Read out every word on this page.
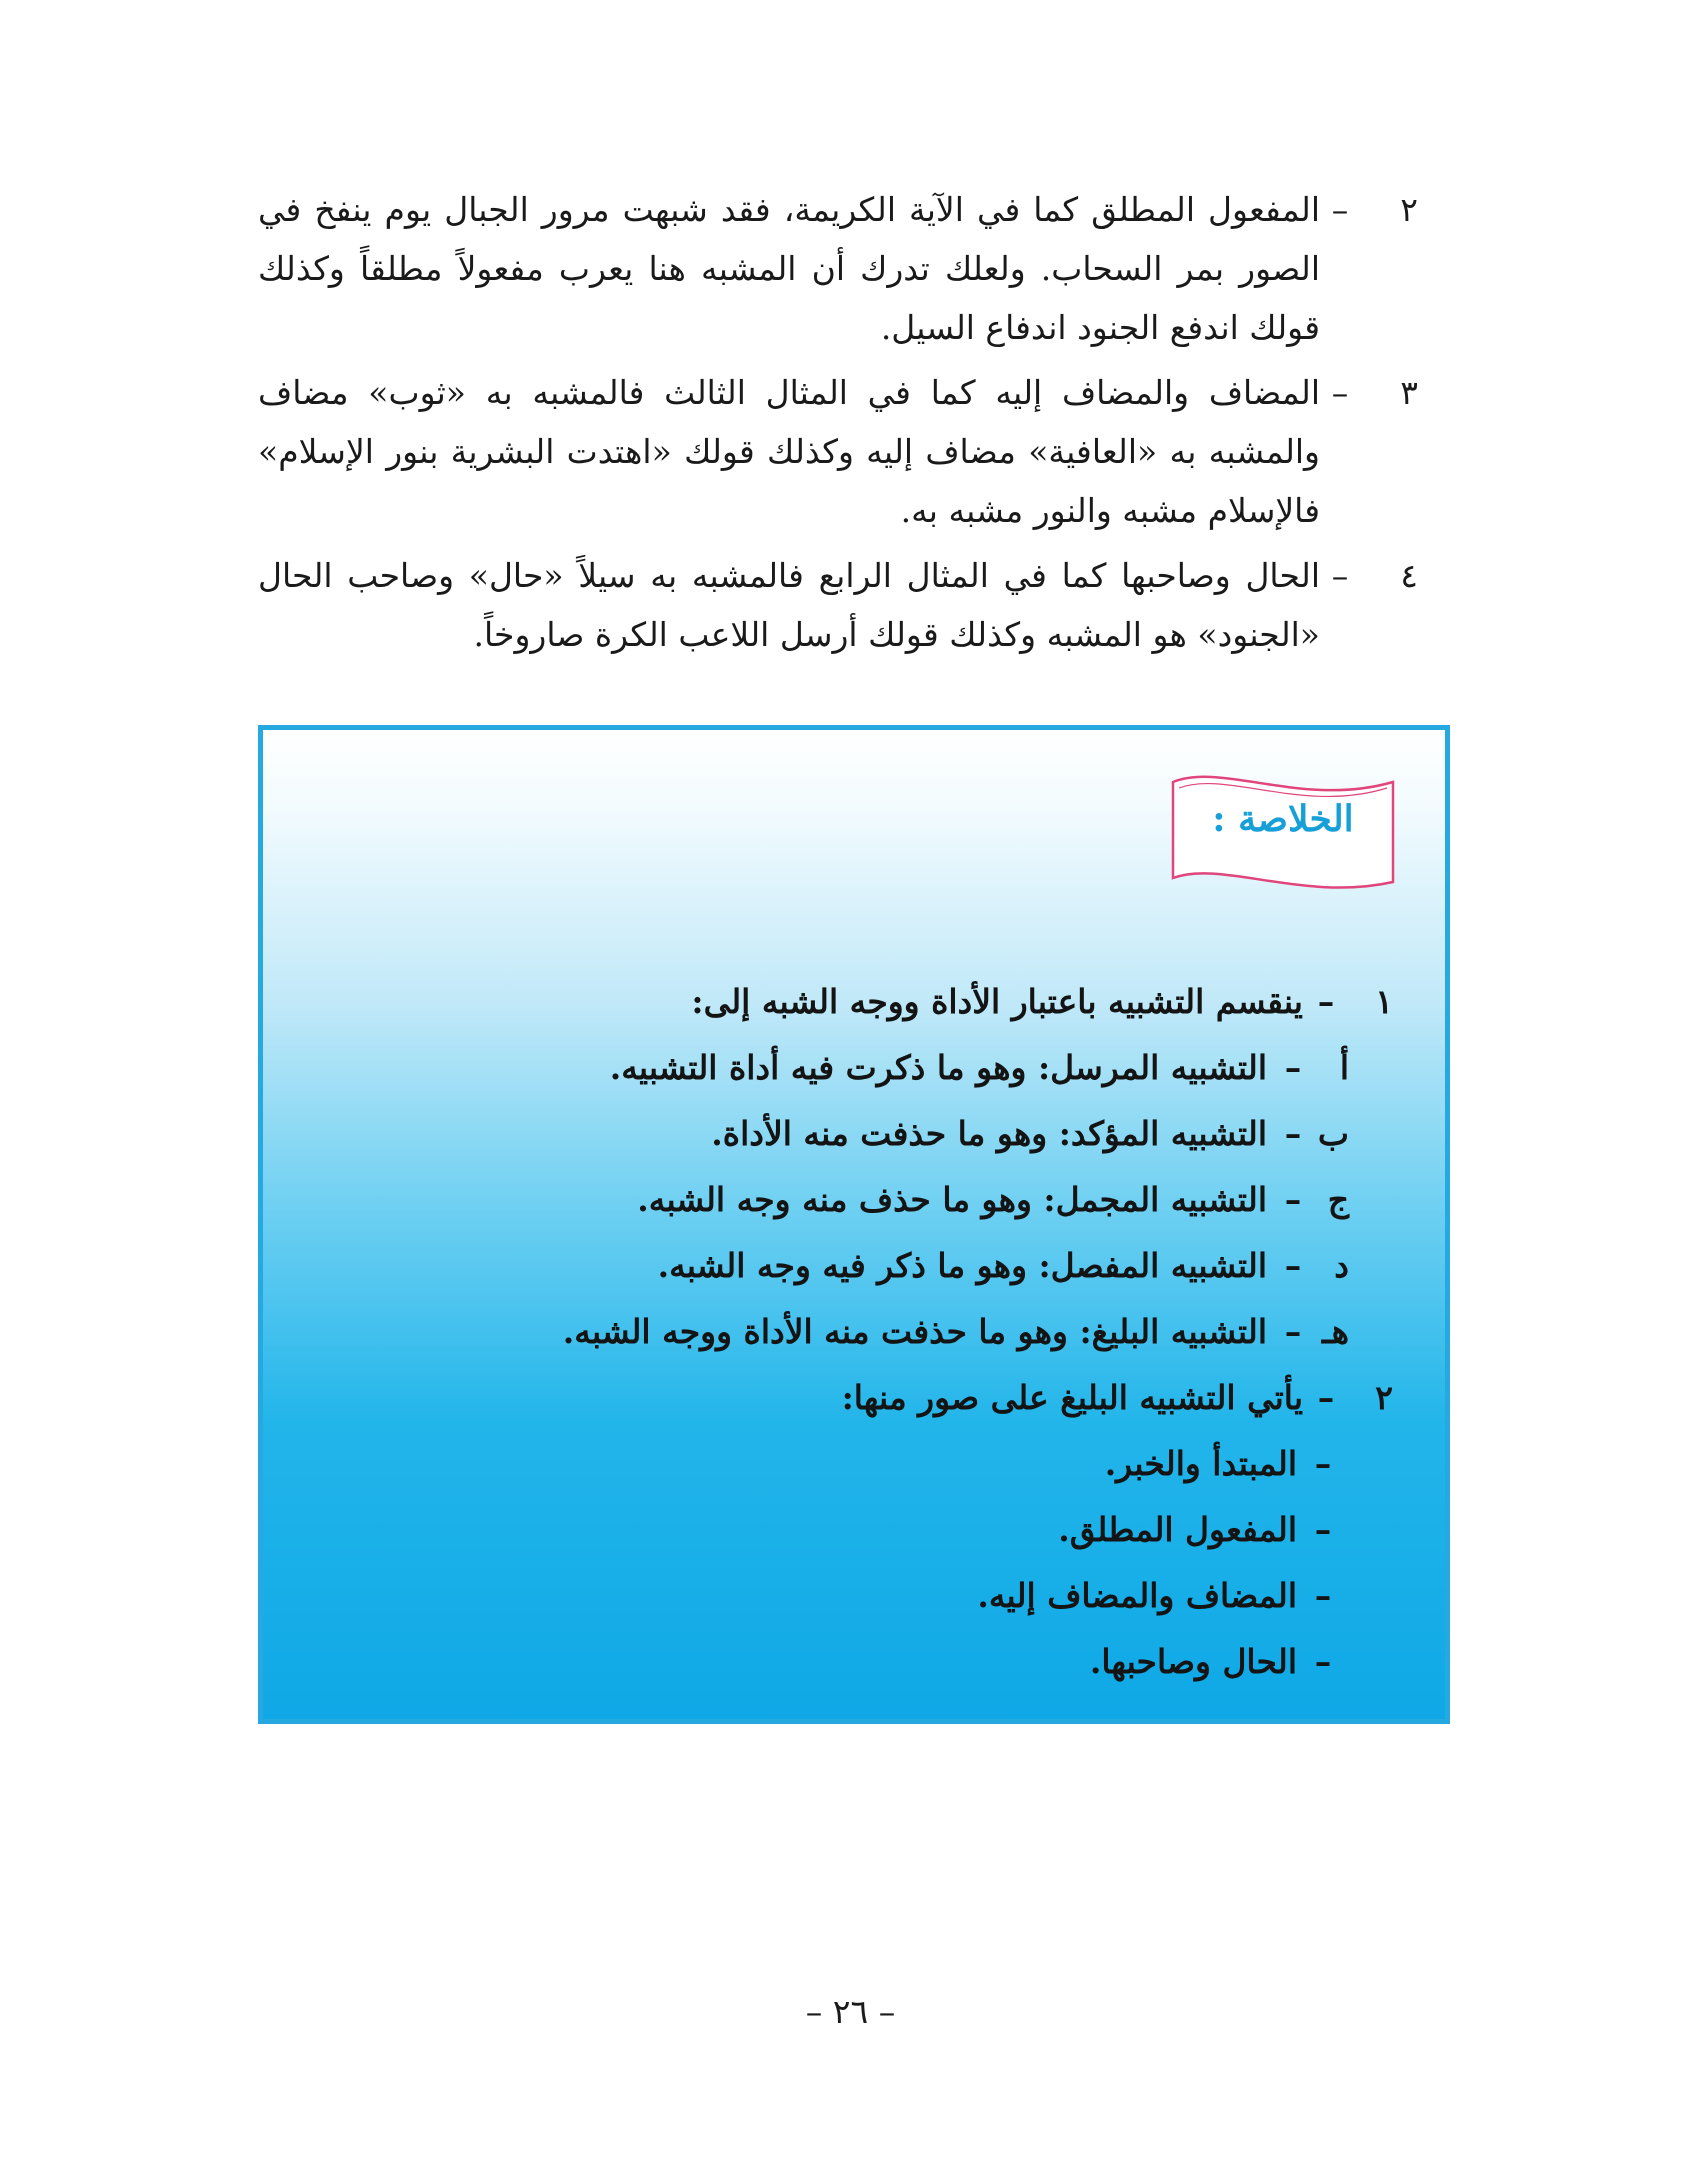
٢
–
المفعول المطلق كما في الآية الكريمة، فقد شبهت مرور الجبال يوم ينفخ في الصور بمر السحاب. ولعلك تدرك أن المشبه هنا يعرب مفعولاً مطلقاً وكذلك قولك اندفع الجنود اندفاع السيل.
٣
–
المضاف والمضاف إليه كما في المثال الثالث فالمشبه به «ثوب» مضاف والمشبه به «العافية» مضاف إليه وكذلك قولك «اهتدت البشرية بنور الإسلام» فالإسلام مشبه والنور مشبه به.
٤
–
الحال وصاحبها كما في المثال الرابع فالمشبه به سيلاً «حال» وصاحب الحال «الجنود» هو المشبه وكذلك قولك أرسل اللاعب الكرة صاروخاً.
الخلاصة :
١
–
ينقسم التشبيه باعتبار الأداة ووجه الشبه إلى:
أ
–
التشبيه المرسل: وهو ما ذكرت فيه أداة التشبيه.
ب
–
التشبيه المؤكد: وهو ما حذفت منه الأداة.
ج
–
التشبيه المجمل: وهو ما حذف منه وجه الشبه.
د
–
التشبيه المفصل: وهو ما ذكر فيه وجه الشبه.
هـ
–
التشبيه البليغ: وهو ما حذفت منه الأداة ووجه الشبه.
٢
–
يأتي التشبيه البليغ على صور منها:
–
المبتدأ والخبر.
–
المفعول المطلق.
–
المضاف والمضاف إليه.
–
الحال وصاحبها.
– ٢٦ –
